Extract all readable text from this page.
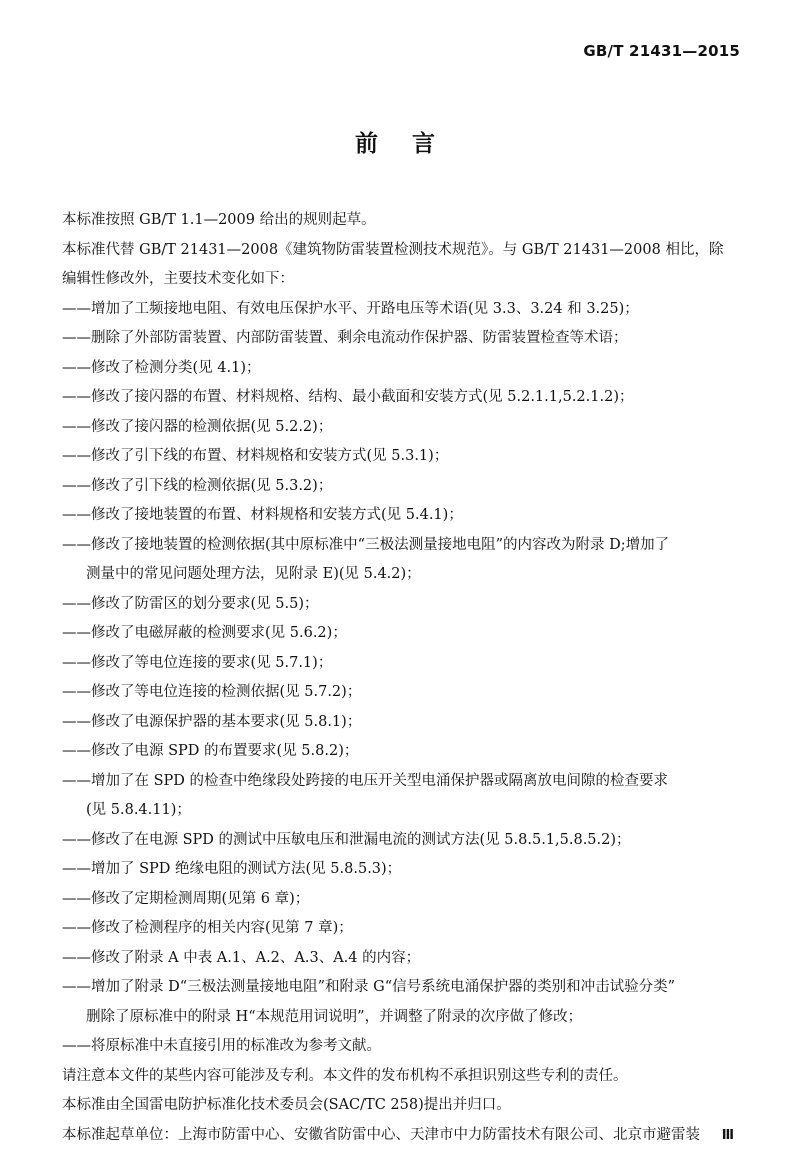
GB/T 21431—2015
前言
本标准按照 GB/T 1.1—2009 给出的规则起草。
本标准代替 GB/T 21431—2008《建筑物防雷装置检测技术规范》。与 GB/T 21431—2008 相比，除
编辑性修改外，主要技术变化如下：
——增加了工频接地电阻、有效电压保护水平、开路电压等术语(见 3.3、3.24 和 3.25)；
——删除了外部防雷装置、内部防雷装置、剩余电流动作保护器、防雷装置检查等术语；
——修改了检测分类(见 4.1)；
——修改了接闪器的布置、材料规格、结构、最小截面和安装方式(见 5.2.1.1,5.2.1.2)；
——修改了接闪器的检测依据(见 5.2.2)；
——修改了引下线的布置、材料规格和安装方式(见 5.3.1)；
——修改了引下线的检测依据(见 5.3.2)；
——修改了接地装置的布置、材料规格和安装方式(见 5.4.1)；
——修改了接地装置的检测依据(其中原标准中“三极法测量接地电阻”的内容改为附录 D;增加了
测量中的常见问题处理方法，见附录 E)(见 5.4.2)；
——修改了防雷区的划分要求(见 5.5)；
——修改了电磁屏蔽的检测要求(见 5.6.2)；
——修改了等电位连接的要求(见 5.7.1)；
——修改了等电位连接的检测依据(见 5.7.2)；
——修改了电源保护器的基本要求(见 5.8.1)；
——修改了电源 SPD 的布置要求(见 5.8.2)；
——增加了在 SPD 的检查中绝缘段处跨接的电压开关型电涌保护器或隔离放电间隙的检查要求
(见 5.8.4.11)；
——修改了在电源 SPD 的测试中压敏电压和泄漏电流的测试方法(见 5.8.5.1,5.8.5.2)；
——增加了 SPD 绝缘电阻的测试方法(见 5.8.5.3)；
——修改了定期检测周期(见第 6 章)；
——修改了检测程序的相关内容(见第 7 章)；
——修改了附录 A 中表 A.1、A.2、A.3、A.4 的内容；
——增加了附录 D“三极法测量接地电阻”和附录 G“信号系统电涌保护器的类别和冲击试验分类”
删除了原标准中的附录 H“本规范用词说明”，并调整了附录的次序做了修改；
——将原标准中未直接引用的标准改为参考文献。
请注意本文件的某些内容可能涉及专利。本文件的发布机构不承担识别这些专利的责任。
本标准由全国雷电防护标准化技术委员会(SAC/TC 258)提出并归口。
本标准起草单位：上海市防雷中心、安徽省防雷中心、天津市中力防雷技术有限公司、北京市避雷装	Ⅲ
